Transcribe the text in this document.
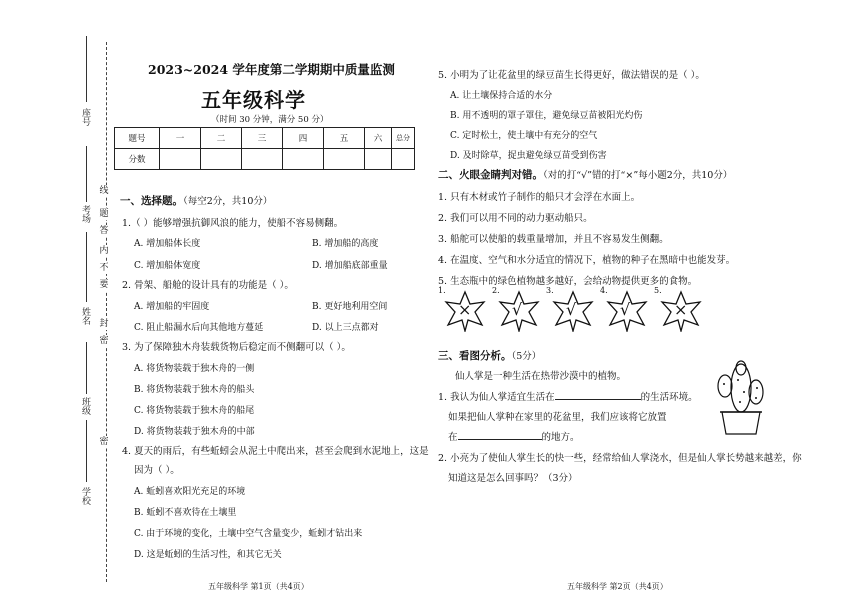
座号
考场
姓名
班级
学校
线
内
不
要
答
题
封
密
密
2023~2024 学年度第二学期期中质量监测
五年级科学
（时间 30 分钟，满分 50 分）
题号	一	二	三	四	五	六	总分
分数							
一、选择题。（每空2分，共10分）
1.（ ）能够增强抗御风浪的能力，使船不容易侧翻。
A. 增加船体长度	B. 增加船的高度
C. 增加船体宽度	D. 增加船底部重量
2. 骨架、船舱的设计具有的功能是（ ）。
A. 增加船的牢固度	B. 更好地利用空间
C. 阻止船漏水后向其他地方蔓延	D. 以上三点都对
3. 为了保障独木舟装载货物后稳定而不侧翻可以（ ）。
A. 将货物装载于独木舟的一侧
B. 将货物装载于独木舟的船头
C. 将货物装载于独木舟的船尾
D. 将货物装载于独木舟的中部
4. 夏天的雨后，有些蚯蚓会从泥土中爬出来，甚至会爬到水泥地上，这是
因为（ ）。
A. 蚯蚓喜欢阳光充足的环境
B. 蚯蚓不喜欢待在土壤里
C. 由于环境的变化，土壤中空气含量变少，蚯蚓才钻出来
D. 这是蚯蚓的生活习性，和其它无关
五年级科学 第1页（共4页）
5. 小明为了让花盆里的绿豆苗生长得更好，做法错误的是（ ）。
A. 让土壤保持合适的水分
B. 用不透明的罩子罩住，避免绿豆苗被阳光灼伤
C. 定时松土，使土壤中有充分的空气
D. 及时除草，捉虫避免绿豆苗受到伤害
二、火眼金睛判对错。（对的打“√”错的打“×”每小题2分，共10分）
1. 只有木材或竹子制作的船只才会浮在水面上。
2. 我们可以用不同的动力驱动船只。
3. 船舵可以使船的载重量增加，并且不容易发生侧翻。
4. 在温度、空气和水分适宜的情况下，植物的种子在黑暗中也能发芽。
5. 生态瓶中的绿色植物越多越好，会给动物提供更多的食物。
1.
×
2.
√
3.
√
4.
√
5.
×
三、看图分析。（5分）
仙人掌是一种生活在热带沙漠中的植物。
1. 我认为仙人掌适宜生活在	的生活环境。
如果把仙人掌种在家里的花盆里，我们应该将它放置
在	的地方。
2. 小亮为了使仙人掌生长的快一些，经常给仙人掌浇水，但是仙人掌长势越来越差，你
知道这是怎么回事吗？（3分）
五年级科学 第2页（共4页）
